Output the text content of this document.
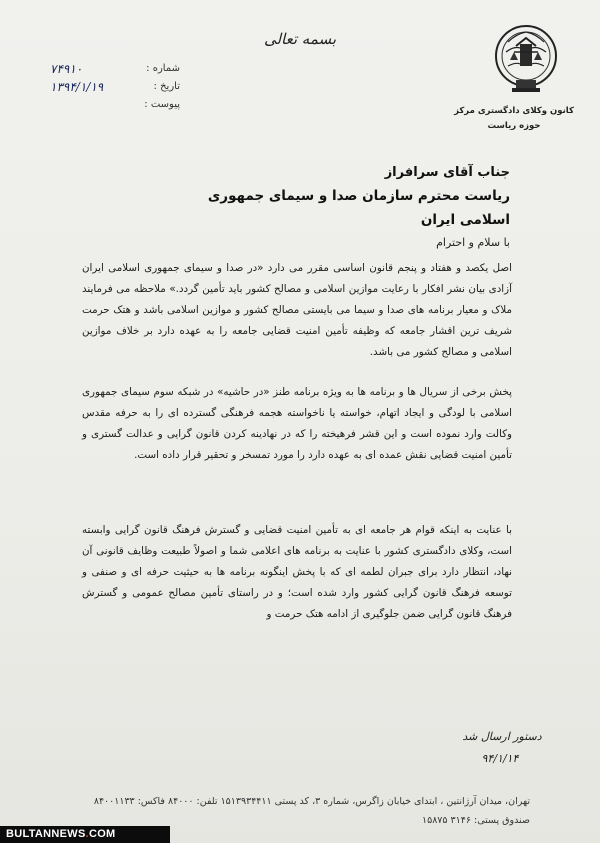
کانون وکلای دادگستری مرکز
حوزه ریاست
بسمه تعالی
شماره :
۷۴۹۱۰
تاریخ :
۱۳۹۴/۱/۱۹
پیوست :
جناب آقای سرافراز
ریاست محترم سازمان صدا و سیمای جمهوری اسلامی ایران
با سلام و احترام
اصل یکصد و هفتاد و پنجم قانون اساسی مقرر می دارد «در صدا و سیمای جمهوری اسلامی ایران آزادی بیان نشر افکار با رعایت موازین اسلامی و مصالح کشور باید تأمین گردد.» ملاحظه می فرمایند ملاک و معیار برنامه های صدا و سیما می بایستی مصالح کشور و موازین اسلامی باشد و هتک حرمت شریف ترین اقشار جامعه که وظیفه تأمین امنیت قضایی جامعه را به عهده دارد بر خلاف موازین اسلامی و مصالح کشور می باشد.
پخش برخی از سریال ها و برنامه ها به ویژه برنامه طنز «در حاشیه» در شبکه سوم سیمای جمهوری اسلامی با لودگی و ایجاد اتهام، خواسته یا ناخواسته هجمه فرهنگی گسترده ای را به حرفه مقدس وکالت وارد نموده است و این قشر فرهیخته را که در نهادینه کردن قانون گرایی و عدالت گستری و تأمین امنیت قضایی نقش عمده ای به عهده دارد را مورد تمسخر و تحقیر قرار داده است.
با عنایت به اینکه قوام هر جامعه ای به تأمین امنیت قضایی و گسترش فرهنگ قانون گرایی وابسته است، وکلای دادگستری کشور با عنایت به برنامه های اعلامی شما و اصولاً طبیعت وظایف قانونی آن نهاد، انتظار دارد برای جبران لطمه ای که با پخش اینگونه برنامه ها به حیثیت حرفه ای و صنفی و توسعه فرهنگ قانون گرایی کشور وارد شده است؛ و در راستای تأمین مصالح عمومی و گسترش فرهنگ قانون گرایی ضمن جلوگیری از ادامه هتک حرمت و
دستور ارسال شد
۹۴/۱/۱۴
تهران، میدان آرژانتین ، ابتدای خیابان زاگرس، شماره ۳، کد پستی ۱۵۱۳۹۳۴۴۱۱ تلفن: ۸۴۰۰۰ فاکس: ۸۴۰۰۱۱۳۳
صندوق پستی: ۳۱۴۶ ۱۵۸۷۵
BULTANNEWS.COM
